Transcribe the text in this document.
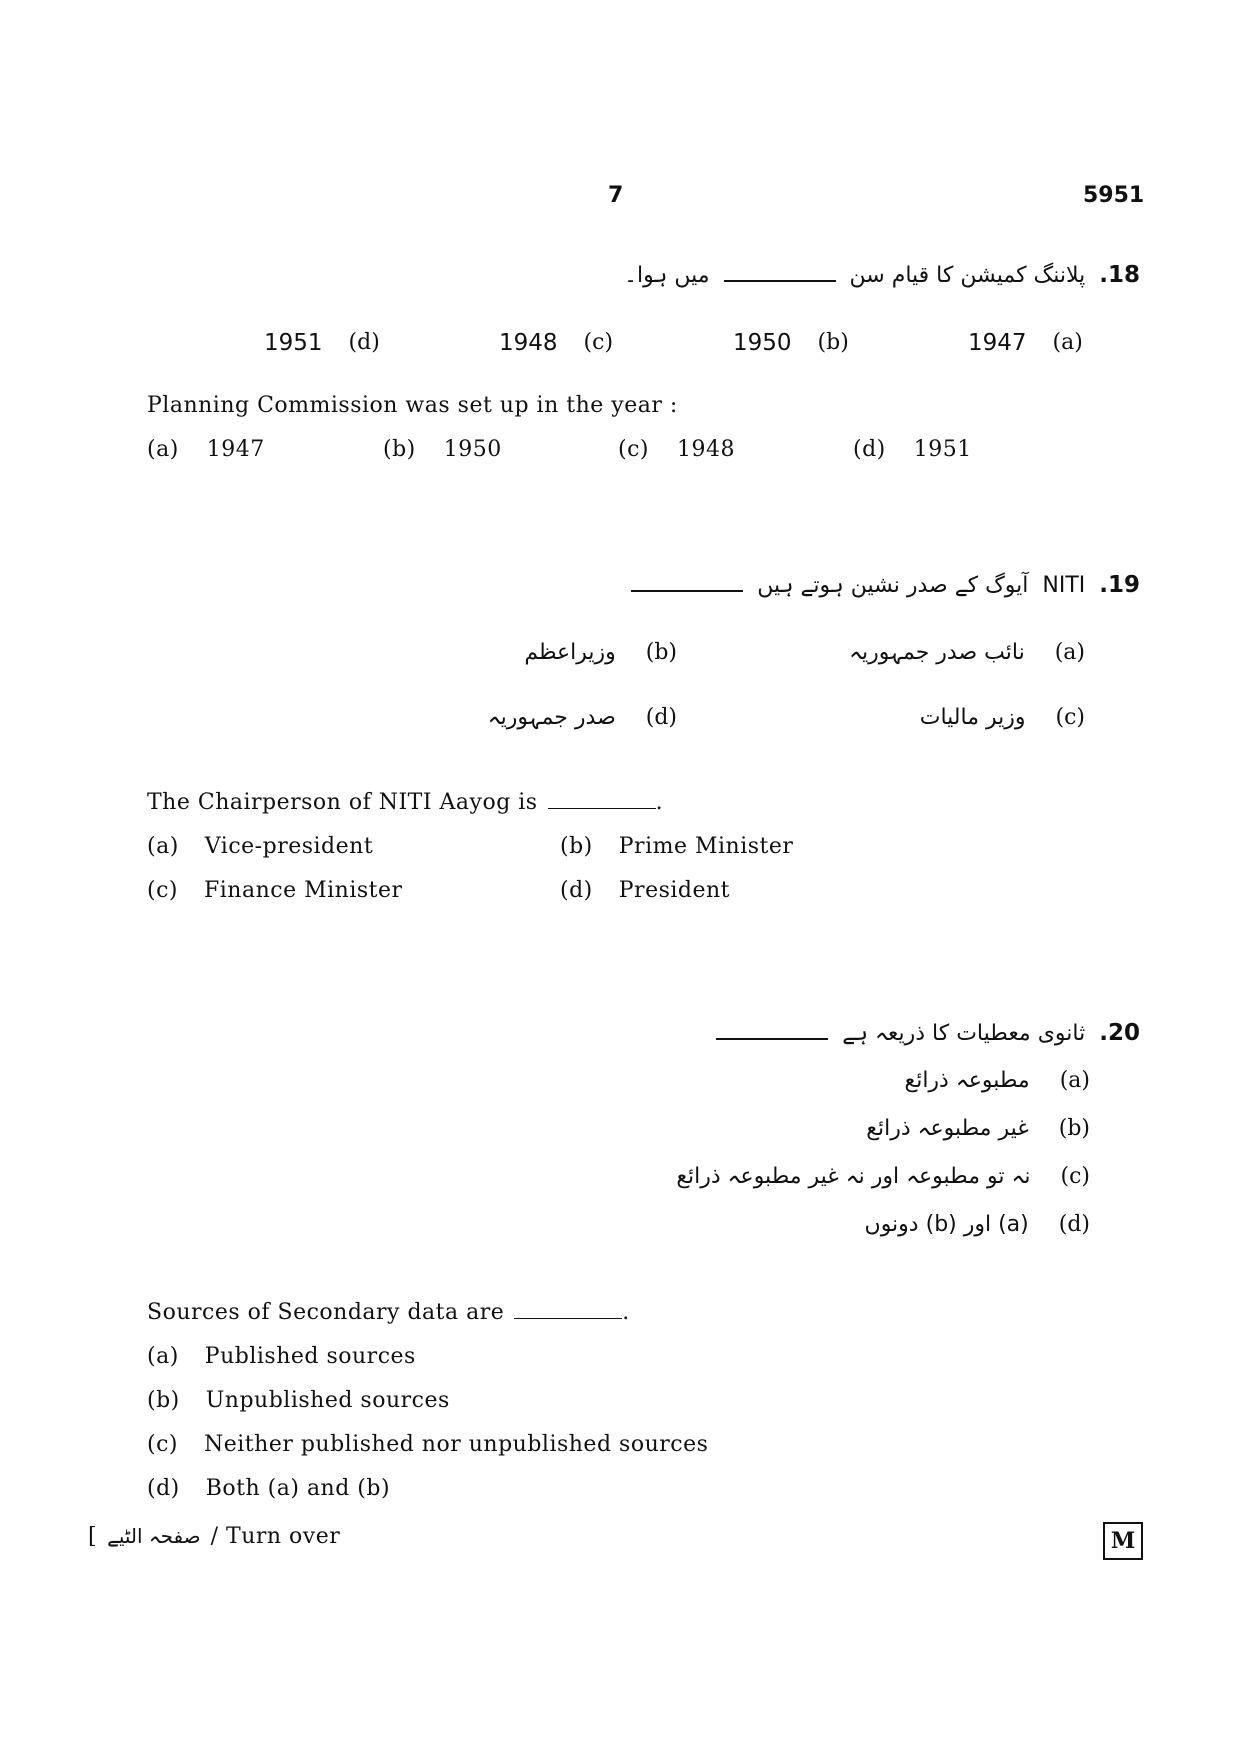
7	5951
.18
پلاننگ کمیشن کا قیام سن
میں ہوا۔
1947 (a)
1950 (b)
1948 (c)
1951 (d)
Planning Commission was set up in the year :
(a) 1947	(b) 1950	(c) 1948	(d) 1951
.19
NITI
آیوگ کے صدر نشین ہوتے ہیں
(a)
نائب صدر جمہوریہ
(b)
وزیراعظم
(c)
وزیر مالیات
(d)
صدر جمہوریہ
The Chairperson of NITI Aayog is	.
(a) Vice-president	(b) Prime Minister
(c) Finance Minister	(d) President
.20
ثانوی معطیات کا ذریعہ ہے
(a)
مطبوعہ ذرائع
(b)
غیر مطبوعہ ذرائع
(c)
نہ تو مطبوعہ اور نہ غیر مطبوعہ ذرائع
(d)
(a) اور (b) دونوں
Sources of Secondary data are	.
(a) Published sources
(b) Unpublished sources
(c) Neither published nor unpublished sources
(d) Both (a) and (b)
[ صفحہ الٹیے / Turn over	M
